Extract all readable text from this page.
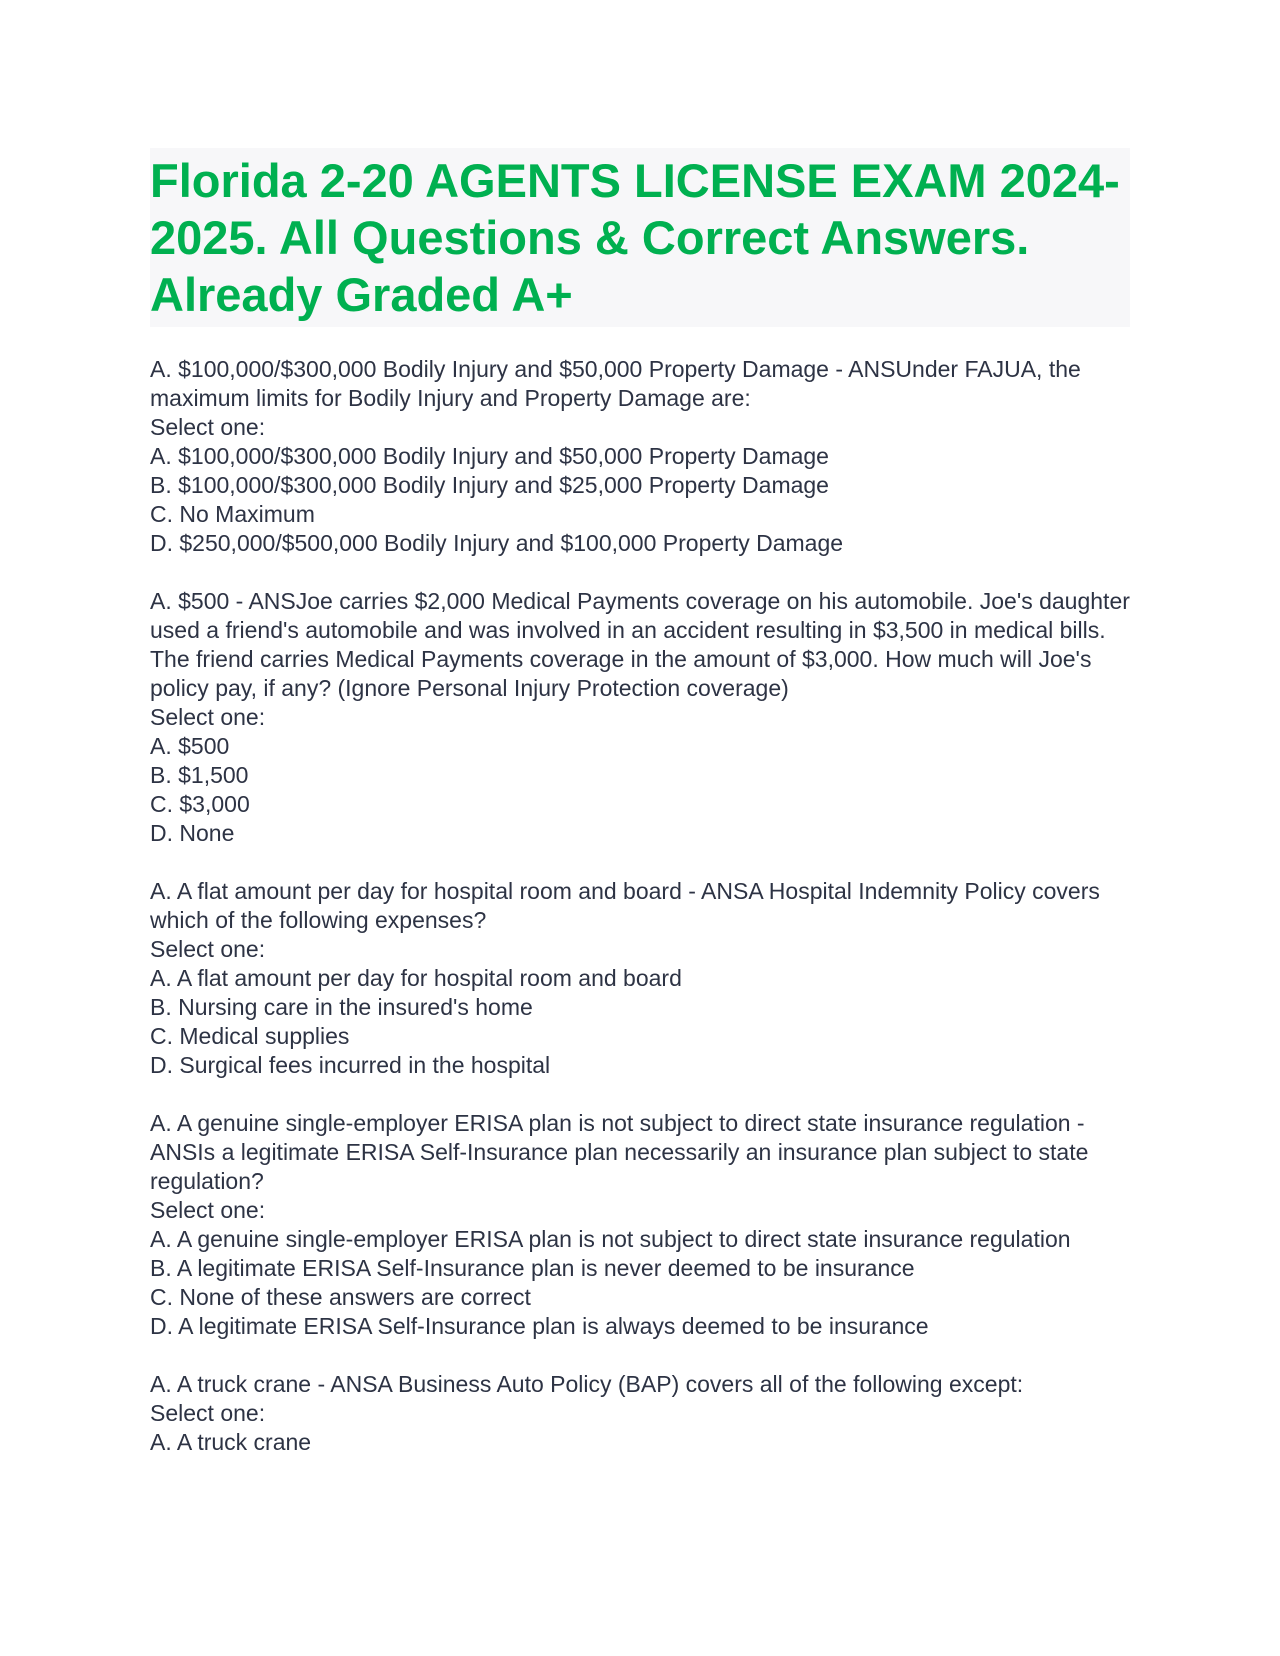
Florida 2-20 AGENTS LICENSE EXAM 2024-2025. All Questions & Correct Answers. Already Graded A+

A. $100,000/$300,000 Bodily Injury and $50,000 Property Damage - ANSUnder FAJUA, the maximum limits for Bodily Injury and Property Damage are:

Select one:

A. $100,000/$300,000 Bodily Injury and $50,000 Property Damage

B. $100,000/$300,000 Bodily Injury and $25,000 Property Damage

C. No Maximum

D. $250,000/$500,000 Bodily Injury and $100,000 Property Damage

A. $500 - ANSJoe carries $2,000 Medical Payments coverage on his automobile. Joe's daughter used a friend's automobile and was involved in an accident resulting in $3,500 in medical bills. The friend carries Medical Payments coverage in the amount of $3,000. How much will Joe's policy pay, if any? (Ignore Personal Injury Protection coverage)

Select one:

A. $500

B. $1,500

C. $3,000

D. None

A. A flat amount per day for hospital room and board - ANSA Hospital Indemnity Policy covers which of the following expenses?

Select one:

A. A flat amount per day for hospital room and board

B. Nursing care in the insured's home

C. Medical supplies

D. Surgical fees incurred in the hospital

A. A genuine single-employer ERISA plan is not subject to direct state insurance regulation - ANSIs a legitimate ERISA Self-Insurance plan necessarily an insurance plan subject to state regulation?

Select one:

A. A genuine single-employer ERISA plan is not subject to direct state insurance regulation

B. A legitimate ERISA Self-Insurance plan is never deemed to be insurance

C. None of these answers are correct

D. A legitimate ERISA Self-Insurance plan is always deemed to be insurance

A. A truck crane - ANSA Business Auto Policy (BAP) covers all of the following except:

Select one:

A. A truck crane
